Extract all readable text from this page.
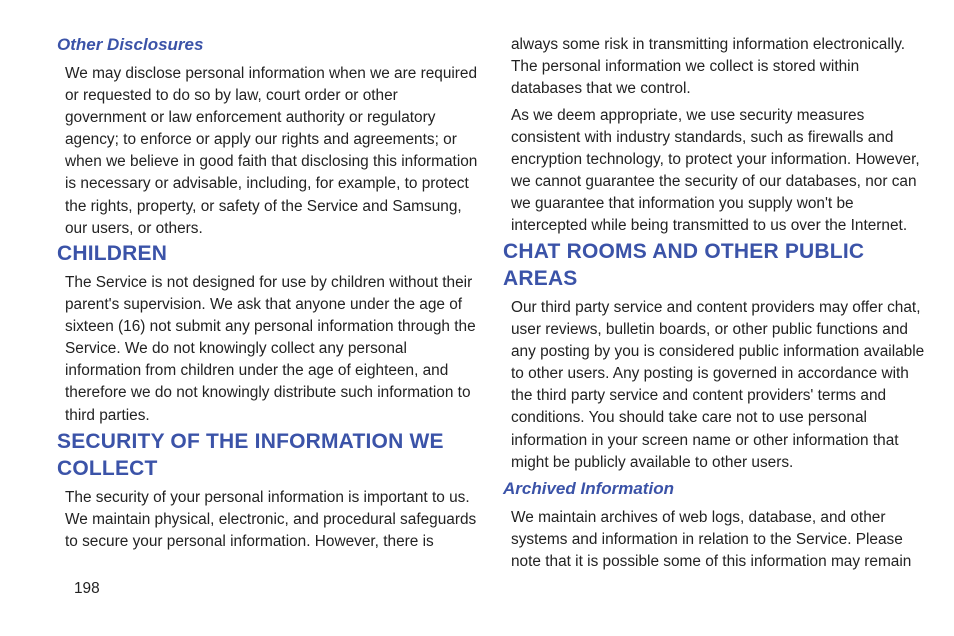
Other Disclosures

We may disclose personal information when we are required
or requested to do so by law, court order or other
government or law enforcement authority or regulatory
agency; to enforce or apply our rights and agreements; or
when we believe in good faith that disclosing this information
is necessary or advisable, including, for example, to protect
the rights, property, or safety of the Service and Samsung,
our users, or others.

CHILDREN

The Service is not designed for use by children without their
parent's supervision. We ask that anyone under the age of
sixteen (16) not submit any personal information through the
Service. We do not knowingly collect any personal
information from children under the age of eighteen, and
therefore we do not knowingly distribute such information to
third parties.

SECURITY OF THE INFORMATION WE
COLLECT

The security of your personal information is important to us.
We maintain physical, electronic, and procedural safeguards
to secure your personal information. However, there is

always some risk in transmitting information electronically.
The personal information we collect is stored within
databases that we control.

As we deem appropriate, we use security measures
consistent with industry standards, such as firewalls and
encryption technology, to protect your information. However,
we cannot guarantee the security of our databases, nor can
we guarantee that information you supply won't be
intercepted while being transmitted to us over the Internet.

CHAT ROOMS AND OTHER PUBLIC
AREAS

Our third party service and content providers may offer chat,
user reviews, bulletin boards, or other public functions and
any posting by you is considered public information available
to other users. Any posting is governed in accordance with
the third party service and content providers' terms and
conditions. You should take care not to use personal
information in your screen name or other information that
might be publicly available to other users.

Archived Information

We maintain archives of web logs, database, and other
systems and information in relation to the Service. Please
note that it is possible some of this information may remain

198
